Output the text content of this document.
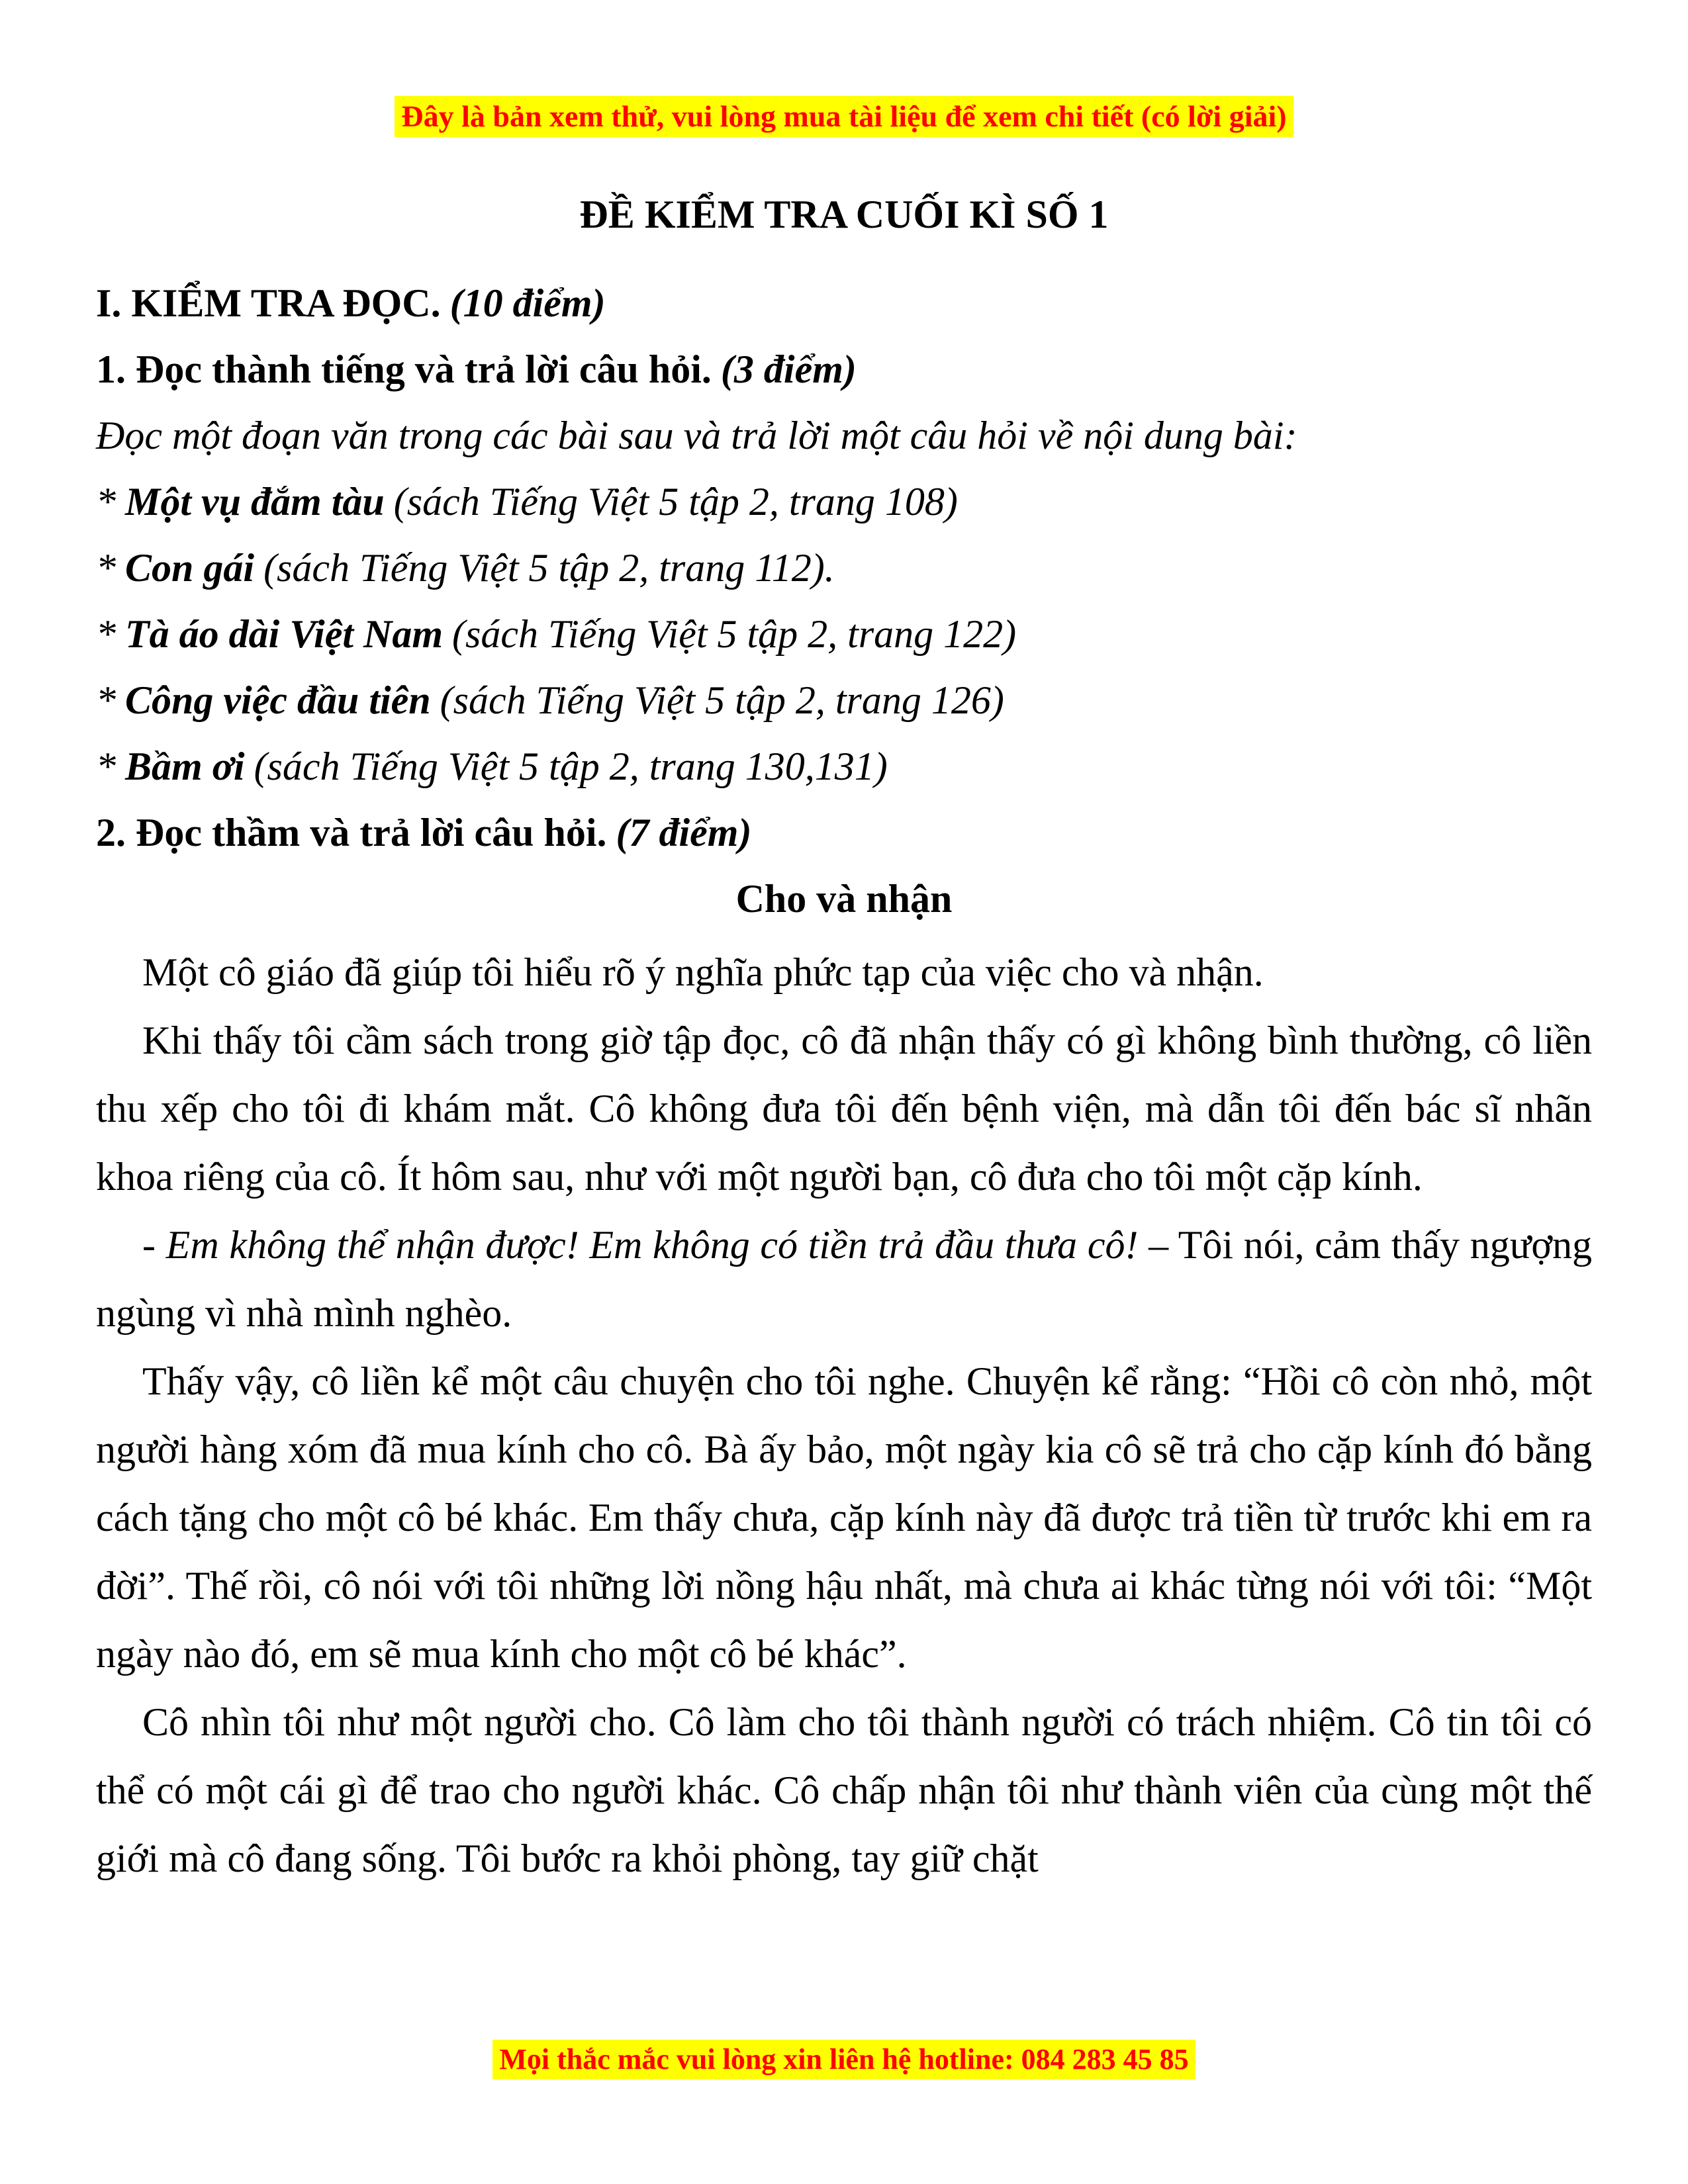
Đây là bản xem thử, vui lòng mua tài liệu để xem chi tiết (có lời giải)
ĐỀ KIỂM TRA CUỐI KÌ SỐ 1
I. KIỂM TRA ĐỌC. (10 điểm)
1. Đọc thành tiếng và trả lời câu hỏi. (3 điểm)
Đọc một đoạn văn trong các bài sau và trả lời một câu hỏi về nội dung bài:
* Một vụ đắm tàu (sách Tiếng Việt 5 tập 2, trang 108)
* Con gái (sách Tiếng Việt 5 tập 2, trang 112).
* Tà áo dài Việt Nam (sách Tiếng Việt 5 tập 2, trang 122)
* Công việc đầu tiên (sách Tiếng Việt 5 tập 2, trang 126)
* Bầm ơi (sách Tiếng Việt 5 tập 2, trang 130,131)
2. Đọc thầm và trả lời câu hỏi. (7 điểm)
Cho và nhận

Một cô giáo đã giúp tôi hiểu rõ ý nghĩa phức tạp của việc cho và nhận.

Khi thấy tôi cầm sách trong giờ tập đọc, cô đã nhận thấy có gì không bình thường, cô liền thu xếp cho tôi đi khám mắt. Cô không đưa tôi đến bệnh viện, mà dẫn tôi đến bác sĩ nhãn khoa riêng của cô. Ít hôm sau, như với một người bạn, cô đưa cho tôi một cặp kính.

- Em không thể nhận được! Em không có tiền trả đầu thưa cô! – Tôi nói, cảm thấy ngượng ngùng vì nhà mình nghèo.

Thấy vậy, cô liền kể một câu chuyện cho tôi nghe. Chuyện kể rằng: “Hồi cô còn nhỏ, một người hàng xóm đã mua kính cho cô. Bà ấy bảo, một ngày kia cô sẽ trả cho cặp kính đó bằng cách tặng cho một cô bé khác. Em thấy chưa, cặp kính này đã được trả tiền từ trước khi em ra đời”. Thế rồi, cô nói với tôi những lời nồng hậu nhất, mà chưa ai khác từng nói với tôi: “Một ngày nào đó, em sẽ mua kính cho một cô bé khác”.

Cô nhìn tôi như một người cho. Cô làm cho tôi thành người có trách nhiệm. Cô tin tôi có thể có một cái gì để trao cho người khác. Cô chấp nhận tôi như thành viên của cùng một thế giới mà cô đang sống. Tôi bước ra khỏi phòng, tay giữ chặt

Mọi thắc mắc vui lòng xin liên hệ hotline: 084 283 45 85
